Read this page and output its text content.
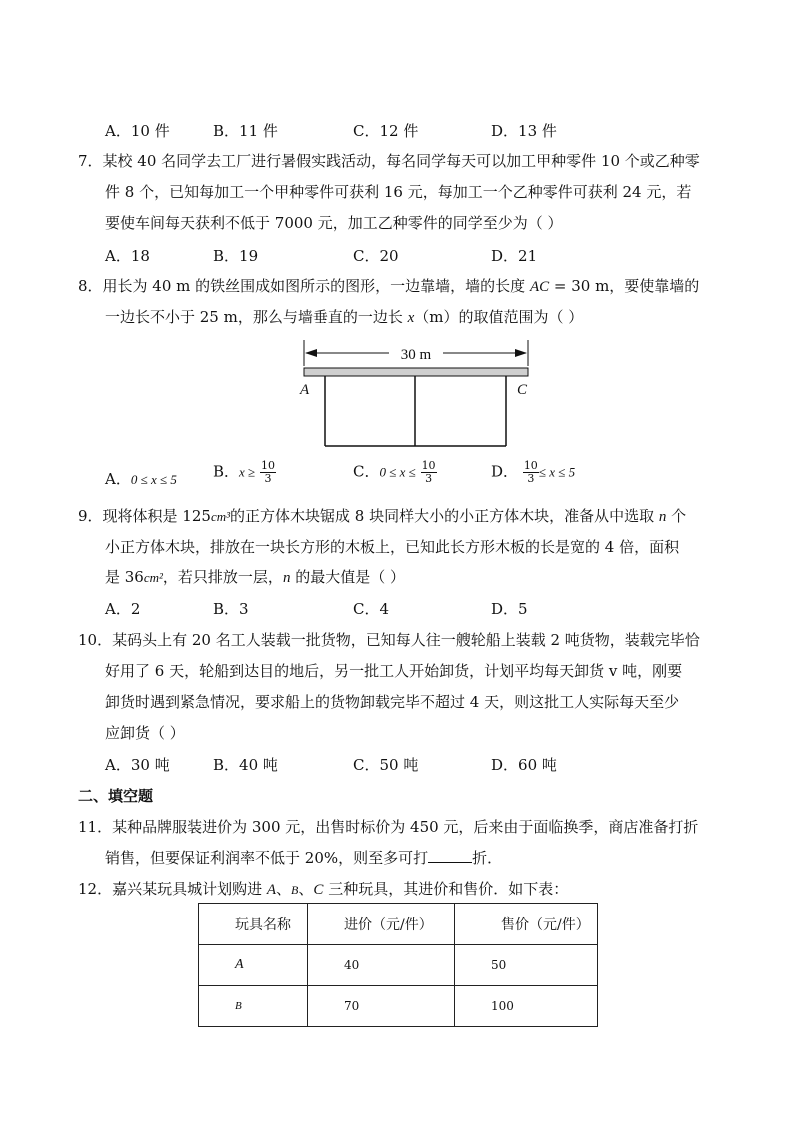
A．10 件	B．11 件	C．12 件	D．13 件
7．某校 40 名同学去工厂进行暑假实践活动，每名同学每天可以加工甲种零件 10 个或乙种零
件 8 个，已知每加工一个甲种零件可获利 16 元，每加工一个乙种零件可获利 24 元，若
要使车间每天获利不低于 7000 元，加工乙种零件的同学至少为（ ）
A．18	B．19	C．20	D．21
8．用长为 40 m 的铁丝围成如图所示的图形，一边靠墙，墙的长度 AC = 30 m，要使靠墙的
一边长不小于 25 m，那么与墙垂直的一边长 x（m）的取值范围为（ ）
30 m
A	C
A．0 ≤ x ≤ 5 B．$x \ge \frac{10}{3}$	C．$0 \le x \le \frac{10}{3}$	D． $\frac{10}{3} \le x \le 5$
9．现将体积是 125cm³的正方体木块锯成 8 块同样大小的小正方体木块，准备从中选取 n 个
小正方体木块，排放在一块长方形的木板上，已知此长方形木板的长是宽的 4 倍，面积
是 36cm²，若只排放一层，n 的最大值是（ ）
A．2	B．3	C．4	D．5
10．某码头上有 20 名工人装载一批货物，已知每人往一艘轮船上装载 2 吨货物，装载完毕恰
好用了 6 天，轮船到达目的地后，另一批工人开始卸货，计划平均每天卸货 v 吨，刚要
卸货时遇到紧急情况，要求船上的货物卸载完毕不超过 4 天，则这批工人实际每天至少
应卸货（ ）
A．30 吨	B．40 吨	C．50 吨	D．60 吨
二、填空题
11．某种品牌服装进价为 300 元，出售时标价为 450 元，后来由于面临换季，商店准备打折
销售，但要保证利润率不低于 20%，则至多可打	折．
12．嘉兴某玩具城计划购进 A、B、C 三种玩具，其进价和售价．如下表：
玩具名称	进价（元/件）	售价（元/件）
A	40	50
B	70	100
